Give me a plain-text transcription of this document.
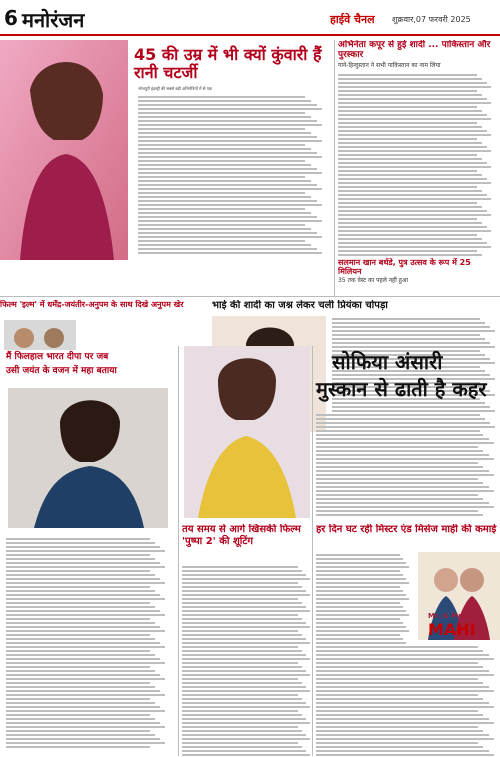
6 मनोरंजन	हाईवे चैनल शुक्रवार,07 फरवरी 2025
45 की उम्र में भी क्यों कुंवारी हैं रानी चटर्जी
भोजपुरी इंडस्ट्री की सबसे बड़ी अभिनेत्रियों में से एक
अभिनेता कपूर से हुई शादी ... पाकिस्तान और पुरस्कार
गाने-हिन्दुस्तान ने सभी पाकिस्तान का नाम लिया
सलमान खान बर्थडे, पुत्र उत्सव के रूप में 25 मिलियन
35 तक वेस्ट का पहले नहीं हुआ
फिल्म 'इल्म' में धर्मेंद्र-जयंतीर-अनुपम के साथ दिखे अनुपम खेर	भाई की शादी का जश्न लेकर चली प्रियंका चोपड़ा
सोफिया अंसारी
मुस्कान से ढाती है कहर
मैं फिलहाल भारत दीपा पर जब
उसी जयंत के वजन में महा बताया
तय समय से आगे खिसकी फिल्म 'पुष्पा 2' की शूटिंग
हर दिन घट रही मिस्टर एंड मिसेज माही की कमाई
Mr. & Mrs.
MAHI
